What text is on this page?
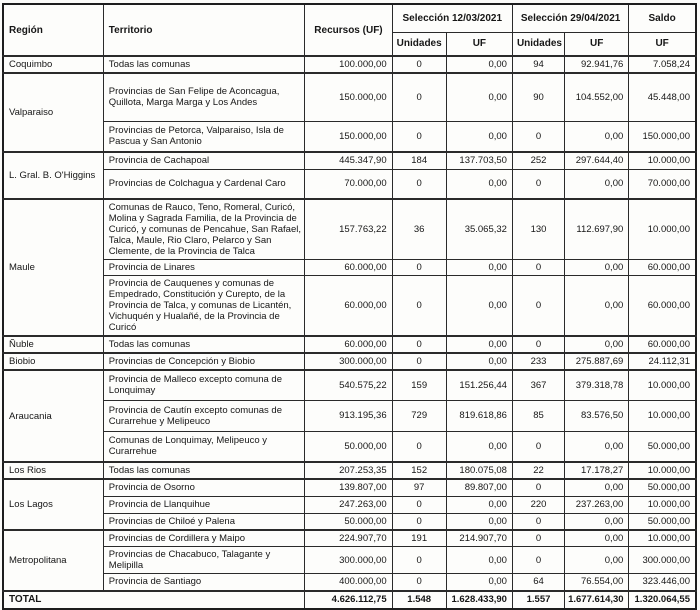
Región	Territorio	Recursos (UF)	Selección 12/03/2021		Selección 29/04/2021		Saldo
			Unidades	UF	Unidades	UF	UF
Coquimbo	Todas las comunas	100.000,00	0	0,00	94	92.941,76	7.058,24
Valparaiso	Provincias de San Felipe de Aconcagua, Quillota, Marga Marga y Los Andes	150.000,00	0	0,00	90	104.552,00	45.448,00
	Provincias de Petorca, Valparaiso, Isla de Pascua y San Antonio	150.000,00	0	0,00	0	0,00	150.000,00
L. Gral. B. O'Higgins	Provincia de Cachapoal	445.347,90	184	137.703,50	252	297.644,40	10.000,00
	Provincias de Colchagua y Cardenal Caro	70.000,00	0	0,00	0	0,00	70.000,00
Maule	Comunas de Rauco, Teno, Romeral, Curicó, Molina y Sagrada Familia, de la Provincia de Curicó, y comunas de Pencahue, San Rafael, Talca, Maule, Rio Claro, Pelarco y San Clemente, de la Provincia de Talca	157.763,22	36	35.065,32	130	112.697,90	10.000,00
	Provincia de Linares	60.000,00	0	0,00	0	0,00	60.000,00
	Provincia de Cauquenes y comunas de Empedrado, Constitución y Curepto, de la Provincia de Talca, y comunas de Licantén, Vichuquén y Hualañé, de la Provincia de Curicó	60.000,00	0	0,00	0	0,00	60.000,00
Ñuble	Todas las comunas	60.000,00	0	0,00	0	0,00	60.000,00
Biobio	Provincias de Concepción y Biobio	300.000,00	0	0,00	233	275.887,69	24.112,31
Araucania	Provincia de Malleco excepto comuna de Lonquimay	540.575,22	159	151.256,44	367	379.318,78	10.000,00
	Provincia de Cautín excepto comunas de Curarrehue y Melipeuco	913.195,36	729	819.618,86	85	83.576,50	10.000,00
	Comunas de Lonquimay, Melipeuco y Curarrehue	50.000,00	0	0,00	0	0,00	50.000,00
Los Rios	Todas las comunas	207.253,35	152	180.075,08	22	17.178,27	10.000,00
Los Lagos	Provincia de Osorno	139.807,00	97	89.807,00	0	0,00	50.000,00
	Provincia de Llanquihue	247.263,00	0	0,00	220	237.263,00	10.000,00
	Provincias de Chiloé y Palena	50.000,00	0	0,00	0	0,00	50.000,00
Metropolitana	Provincias de Cordillera y Maipo	224.907,70	191	214.907,70	0	0,00	10.000,00
	Provincias de Chacabuco, Talagante y Melipilla	300.000,00	0	0,00	0	0,00	300.000,00
	Provincia de Santiago	400.000,00	0	0,00	64	76.554,00	323.446,00
TOTAL		4.626.112,75	1.548	1.628.433,90	1.557	1.677.614,30	1.320.064,55
